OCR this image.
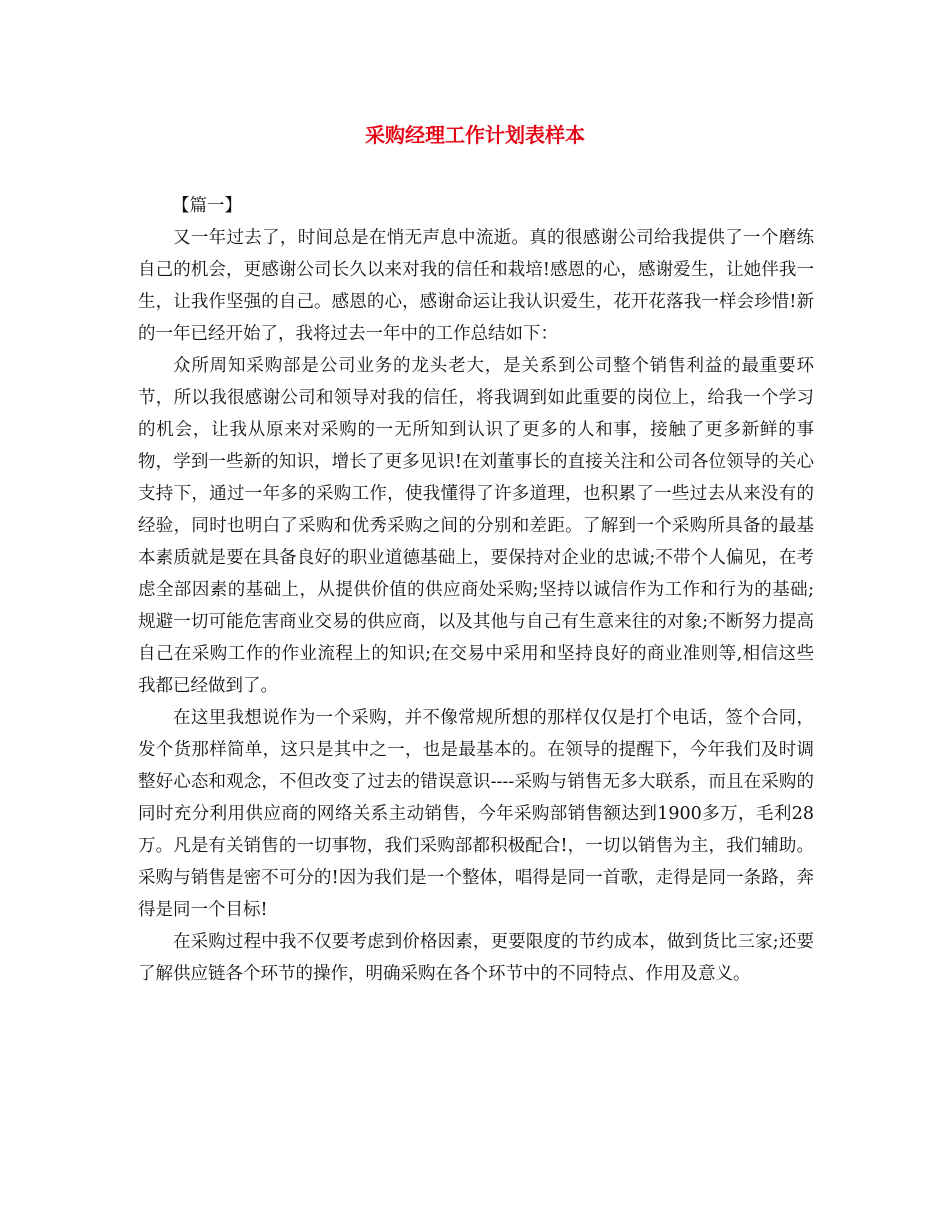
采购经理工作计划表样本

【篇一】

又一年过去了，时间总是在悄无声息中流逝。真的很感谢公司给我提供了一个磨练自己的机会，更感谢公司长久以来对我的信任和栽培!感恩的心，感谢爱生，让她伴我一生，让我作坚强的自己。感恩的心，感谢命运让我认识爱生，花开花落我一样会珍惜!新的一年已经开始了，我将过去一年中的工作总结如下：

众所周知采购部是公司业务的龙头老大，是关系到公司整个销售利益的最重要环节，所以我很感谢公司和领导对我的信任，将我调到如此重要的岗位上，给我一个学习的机会，让我从原来对采购的一无所知到认识了更多的人和事，接触了更多新鲜的事物，学到一些新的知识，增长了更多见识!在刘董事长的直接关注和公司各位领导的关心支持下，通过一年多的采购工作，使我懂得了许多道理，也积累了一些过去从来没有的经验，同时也明白了采购和优秀采购之间的分别和差距。了解到一个采购所具备的最基本素质就是要在具备良好的职业道德基础上，要保持对企业的忠诚;不带个人偏见，在考虑全部因素的基础上，从提供价值的供应商处采购;坚持以诚信作为工作和行为的基础;规避一切可能危害商业交易的供应商，以及其他与自己有生意来往的对象;不断努力提高自己在采购工作的作业流程上的知识;在交易中采用和坚持良好的商业准则等,相信这些我都已经做到了。

在这里我想说作为一个采购，并不像常规所想的那样仅仅是打个电话，签个合同，发个货那样简单，这只是其中之一，也是最基本的。在领导的提醒下，今年我们及时调整好心态和观念，不但改变了过去的错误意识----采购与销售无多大联系，而且在采购的同时充分利用供应商的网络关系主动销售，今年采购部销售额达到1900多万，毛利28万。凡是有关销售的一切事物，我们采购部都积极配合!，一切以销售为主，我们辅助。采购与销售是密不可分的!因为我们是一个整体，唱得是同一首歌，走得是同一条路，奔得是同一个目标!

在采购过程中我不仅要考虑到价格因素，更要限度的节约成本，做到货比三家;还要了解供应链各个环节的操作，明确采购在各个环节中的不同特点、作用及意义。
